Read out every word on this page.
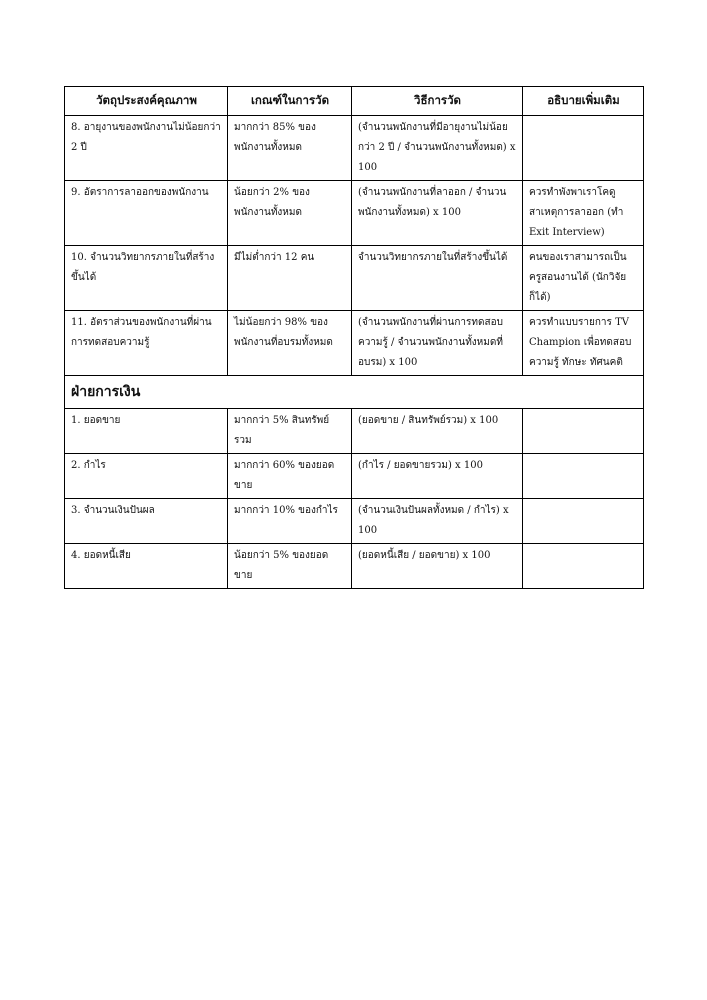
วัตถุประสงค์คุณภาพ	เกณฑ์ในการวัด	วิธีการวัด	อธิบายเพิ่มเติม
8. อายุงานของพนักงานไม่น้อยกว่า 2 ปี	มากกว่า 85% ของพนักงานทั้งหมด	(จำนวนพนักงานที่มีอายุงานไม่น้อยกว่า 2 ปี / จำนวนพนักงานทั้งหมด) x 100	
9. อัตราการลาออกของพนักงาน	น้อยกว่า 2% ของพนักงานทั้งหมด	(จำนวนพนักงานที่ลาออก / จำนวนพนักงานทั้งหมด) x 100	ควรทำพังพาเราโคดูสาเหตุการลาออก (ทำ Exit Interview)
10. จำนวนวิทยากรภายในที่สร้างขึ้นได้	มีไม่ต่ำกว่า 12 คน	จำนวนวิทยากรภายในที่สร้างขึ้นได้	คนของเราสามารถเป็นครูสอนงานได้ (นักวิจัยก็ได้)
11. อัตราส่วนของพนักงานที่ผ่านการทดสอบความรู้	ไม่น้อยกว่า 98% ของพนักงานที่อบรมทั้งหมด	(จำนวนพนักงานที่ผ่านการทดสอบความรู้ / จำนวนพนักงานทั้งหมดที่อบรม) x 100	ควรทำแบบรายการ TV Champion เพื่อทดสอบความรู้ ทักษะ ทัศนคติ
ฝ่ายการเงิน			
1. ยอดขาย	มากกว่า 5% สินทรัพย์รวม	(ยอดขาย / สินทรัพย์รวม) x 100	
2. กำไร	มากกว่า 60% ของยอดขาย	(กำไร / ยอดขายรวม) x 100	
3. จำนวนเงินปันผล	มากกว่า 10% ของกำไร	(จำนวนเงินปันผลทั้งหมด / กำไร) x 100	
4. ยอดหนี้เสีย	น้อยกว่า 5% ของยอดขาย	(ยอดหนี้เสีย / ยอดขาย) x 100	
